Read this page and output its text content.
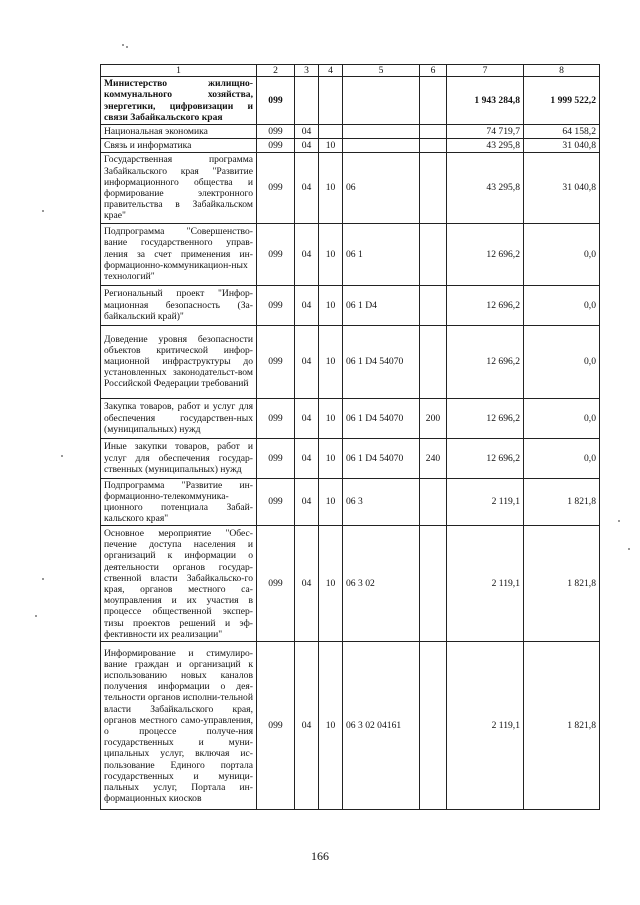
1	2	3	4	5	6	7	8
Министерство жилищно-коммунального хозяйства, энергетики, цифровизации и связи Забайкальского края	099					1 943 284,8	1 999 522,2
Национальная экономика	099	04				74 719,7	64 158,2
Связь и информатика	099	04	10			43 295,8	31 040,8
Государственная программа Забайкальского края "Развитие информационного общества и формирование электронного правительства в Забайкальском крае"	099	04	10	06		43 295,8	31 040,8
Подпрограмма "Совершенство-вание государственного управ-ления за счет применения ин-формационно-коммуникацион-ных технологий"	099	04	10	06 1		12 696,2	0,0
Региональный проект "Инфор-мационная безопасность (За-байкальский край)"	099	04	10	06 1 D4		12 696,2	0,0
Доведение уровня безопасности объектов критической инфор-мационной инфраструктуры до установленных законодательст-вом Российской Федерации требований	099	04	10	06 1 D4 54070		12 696,2	0,0
Закупка товаров, работ и услуг для обеспечения государствен-ных (муниципальных) нужд	099	04	10	06 1 D4 54070	200	12 696,2	0,0
Иные закупки товаров, работ и услуг для обеспечения государ-ственных (муниципальных) нужд	099	04	10	06 1 D4 54070	240	12 696,2	0,0
Подпрограмма "Развитие ин-формационно-телекоммуника-ционного потенциала Забай-кальского края"	099	04	10	06 3		2 119,1	1 821,8
Основное мероприятие "Обес-печение доступа населения и организаций к информации о деятельности органов государ-ственной власти Забайкальско-го края, органов местного са-моуправления и их участия в процессе общественной экспер-тизы проектов решений и эф-фективности их реализации"	099	04	10	06 3 02		2 119,1	1 821,8
Информирование и стимулиро-вание граждан и организаций к использованию новых каналов получения информации о дея-тельности органов исполни-тельной власти Забайкальского края, органов местного само-управления, о процессе получе-ния государственных и муни-ципальных услуг, включая ис-пользование Единого портала государственных и муници-пальных услуг, Портала ин-формационных киосков	099	04	10	06 3 02 04161		2 119,1	1 821,8
166
